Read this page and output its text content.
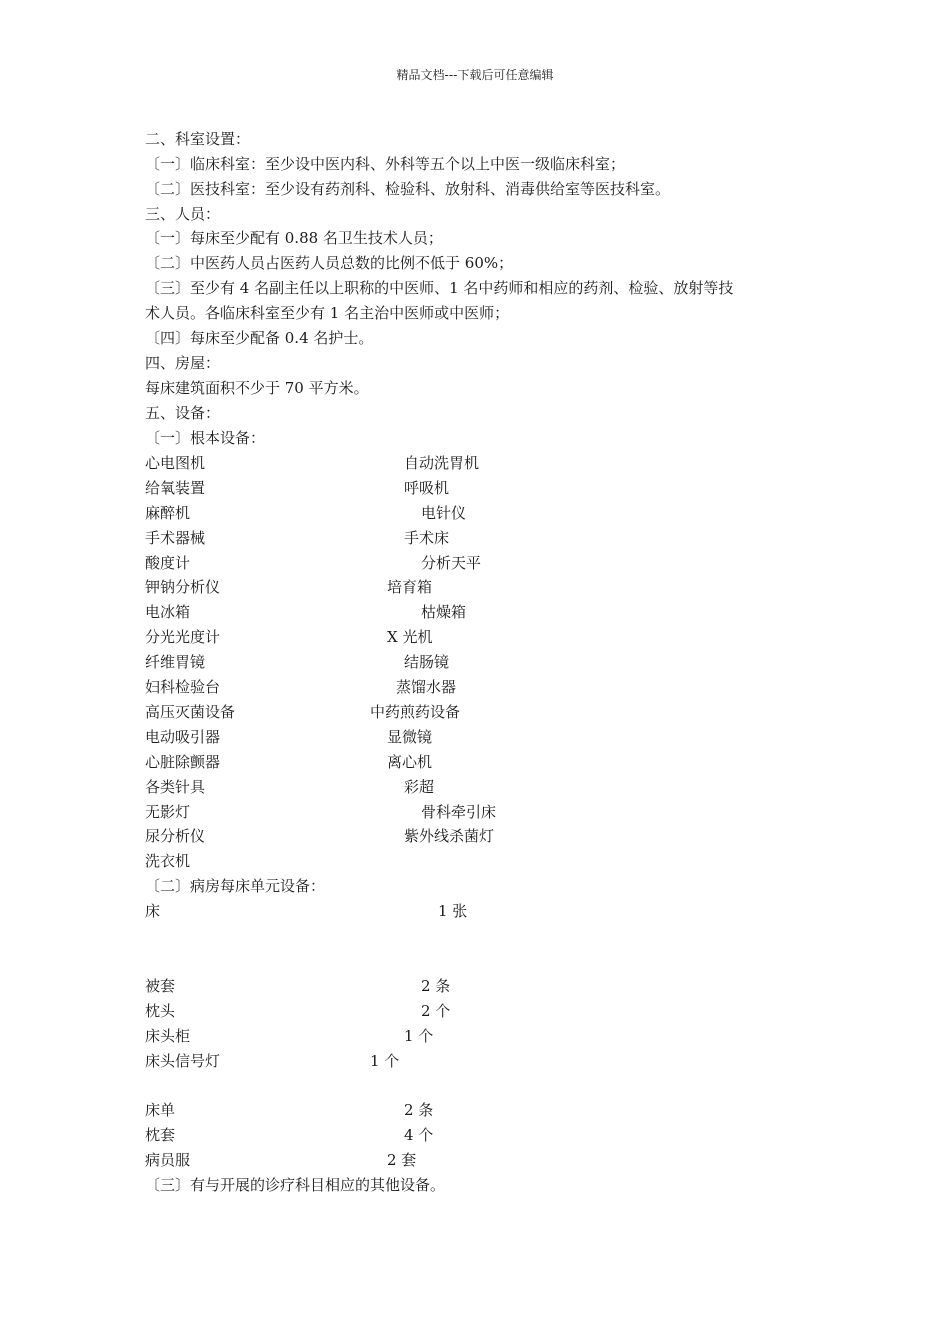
精品文档---下载后可任意编辑
二、科室设置：
〔一〕临床科室：至少设中医内科、外科等五个以上中医一级临床科室；
〔二〕医技科室：至少设有药剂科、检验科、放射科、消毒供给室等医技科室。
三、人员：
〔一〕每床至少配有 0.88 名卫生技术人员；
〔二〕中医药人员占医药人员总数的比例不低于 60%；
〔三〕至少有 4 名副主任以上职称的中医师、1 名中药师和相应的药剂、检验、放射等技
术人员。各临床科室至少有 1 名主治中医师或中医师；
〔四〕每床至少配备 0.4 名护士。
四、房屋：
每床建筑面积不少于 70 平方米。
五、设备：
〔一〕根本设备：
心电图机	自动洗胃机
给氧装置	呼吸机
麻醉机	电针仪
手术器械	手术床
酸度计	分析天平
钾钠分析仪	培育箱
电冰箱	枯燥箱
分光光度计	X 光机
纤维胃镜	结肠镜
妇科检验台	蒸馏水器
高压灭菌设备	中药煎药设备
电动吸引器	显微镜
心脏除颤器	离心机
各类针具	彩超
无影灯	骨科牵引床
尿分析仪	紫外线杀菌灯
洗衣机
〔二〕病房每床单元设备：
床	1 张
被套	2 条
枕头	2 个
床头柜	1 个
床头信号灯	1 个
床单	2 条
枕套	4 个
病员服	2 套
〔三〕有与开展的诊疗科目相应的其他设备。
